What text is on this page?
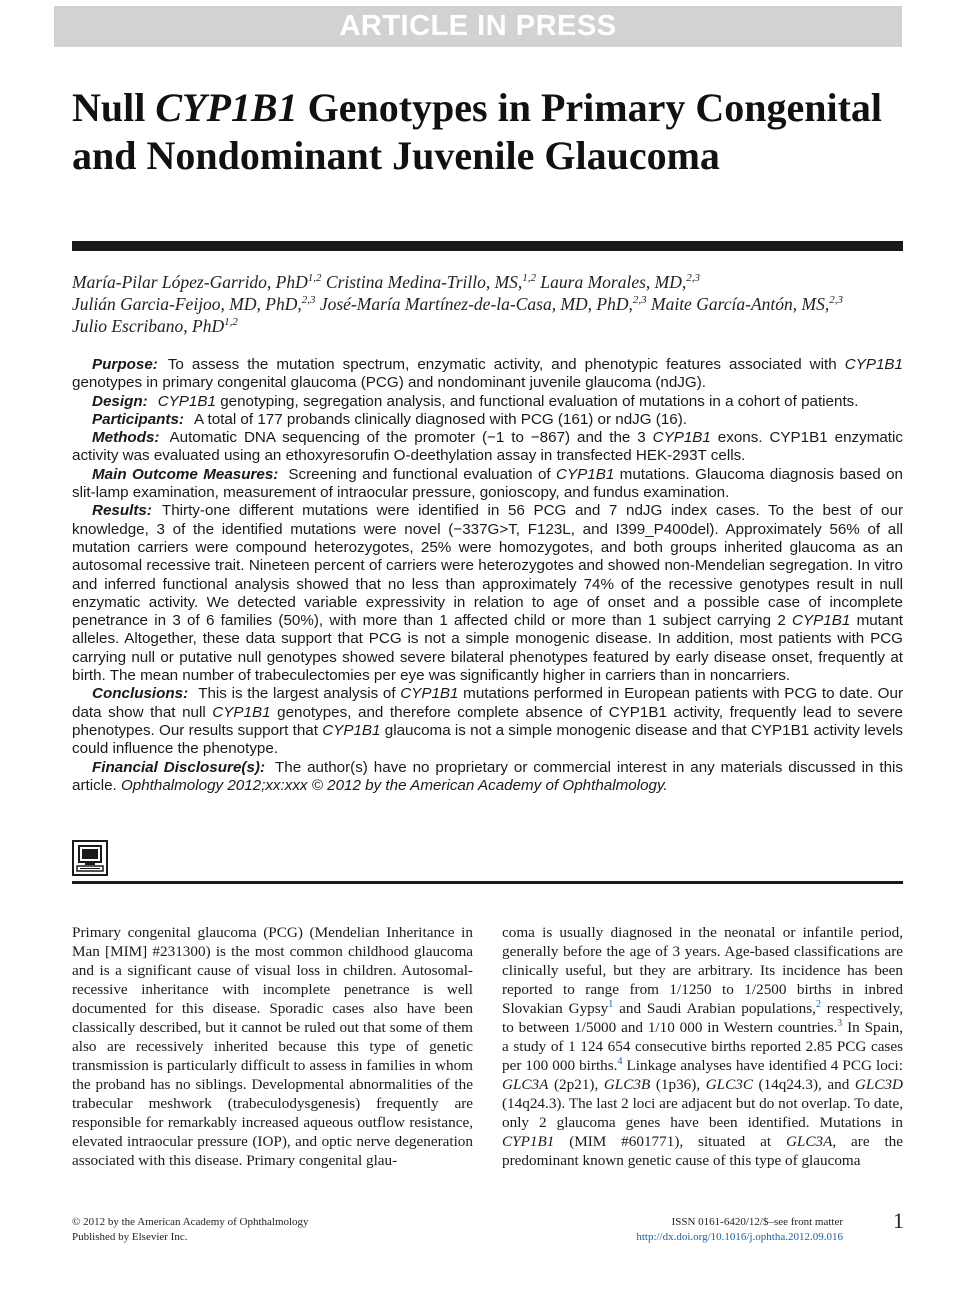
ARTICLE IN PRESS
Null CYP1B1 Genotypes in Primary Congenital and Nondominant Juvenile Glaucoma
María-Pilar López-Garrido, PhD$^{1,2}$ Cristina Medina-Trillo, MS,$^{1,2}$ Laura Morales, MD,$^{2,3}$
Julián Garcia-Feijoo, MD, PhD,$^{2,3}$ José-María Martínez-de-la-Casa, MD, PhD,$^{2,3}$ Maite García-Antón, MS,$^{2,3}$
Julio Escribano, PhD$^{1,2}$

Purpose: To assess the mutation spectrum, enzymatic activity, and phenotypic features associated with CYP1B1 genotypes in primary congenital glaucoma (PCG) and nondominant juvenile glaucoma (ndJG).

Design: CYP1B1 genotyping, segregation analysis, and functional evaluation of mutations in a cohort of patients.

Participants: A total of 177 probands clinically diagnosed with PCG (161) or ndJG (16).

Methods: Automatic DNA sequencing of the promoter (−1 to −867) and the 3 CYP1B1 exons. CYP1B1 enzymatic activity was evaluated using an ethoxyresorufin O-deethylation assay in transfected HEK-293T cells.

Main Outcome Measures: Screening and functional evaluation of CYP1B1 mutations. Glaucoma diagnosis based on slit-lamp examination, measurement of intraocular pressure, gonioscopy, and fundus examination.

Results: Thirty-one different mutations were identified in 56 PCG and 7 ndJG index cases. To the best of our knowledge, 3 of the identified mutations were novel (−337G>T, F123L, and I399_P400del). Approximately 56% of all mutation carriers were compound heterozygotes, 25% were homozygotes, and both groups inherited glaucoma as an autosomal recessive trait. Nineteen percent of carriers were heterozygotes and showed non-Mendelian segregation. In vitro and inferred functional analysis showed that no less than approximately 74% of the recessive genotypes result in null enzymatic activity. We detected variable expressivity in relation to age of onset and a possible case of incomplete penetrance in 3 of 6 families (50%), with more than 1 affected child or more than 1 subject carrying 2 CYP1B1 mutant alleles. Altogether, these data support that PCG is not a simple monogenic disease. In addition, most patients with PCG carrying null or putative null genotypes showed severe bilateral phenotypes featured by early disease onset, frequently at birth. The mean number of trabeculectomies per eye was significantly higher in carriers than in noncarriers.

Conclusions: This is the largest analysis of CYP1B1 mutations performed in European patients with PCG to date. Our data show that null CYP1B1 genotypes, and therefore complete absence of CYP1B1 activity, frequently lead to severe phenotypes. Our results support that CYP1B1 glaucoma is not a simple monogenic disease and that CYP1B1 activity levels could influence the phenotype.

Financial Disclosure(s): The author(s) have no proprietary or commercial interest in any materials discussed in this article. Ophthalmology 2012;xx:xxx © 2012 by the American Academy of Ophthalmology.

Primary congenital glaucoma (PCG) (Mendelian Inheritance in Man [MIM] #231300) is the most common childhood glaucoma and is a significant cause of visual loss in children. Autosomal-recessive inheritance with incomplete penetrance is well documented for this disease. Sporadic cases also have been classically described, but it cannot be ruled out that some of them also are recessively inherited because this type of genetic transmission is particularly difficult to assess in families in whom the proband has no siblings. Developmental abnormalities of the trabecular meshwork (trabeculodysgenesis) frequently are responsible for remarkably increased aqueous outflow resistance, elevated intraocular pressure (IOP), and optic nerve degeneration associated with this disease. Primary congenital glau-

coma is usually diagnosed in the neonatal or infantile period, generally before the age of 3 years. Age-based classifications are clinically useful, but they are arbitrary. Its incidence has been reported to range from 1/1250 to 1/2500 births in inbred Slovakian Gypsy$^1$ and Saudi Arabian populations,$^2$ respectively, to between 1/5000 and 1/10 000 in Western countries.$^3$ In Spain, a study of 1 124 654 consecutive births reported 2.85 PCG cases per 100 000 births.$^4$ Linkage analyses have identified 4 PCG loci: GLC3A (2p21), GLC3B (1p36), GLC3C (14q24.3), and GLC3D (14q24.3). The last 2 loci are adjacent but do not overlap. To date, only 2 glaucoma genes have been identified. Mutations in CYP1B1 (MIM #601771), situated at GLC3A, are the predominant known genetic cause of this type of glaucoma

© 2012 by the American Academy of Ophthalmology
Published by Elsevier Inc.
ISSN 0161-6420/12/$–see front matter
http://dx.doi.org/10.1016/j.ophtha.2012.09.016
1
